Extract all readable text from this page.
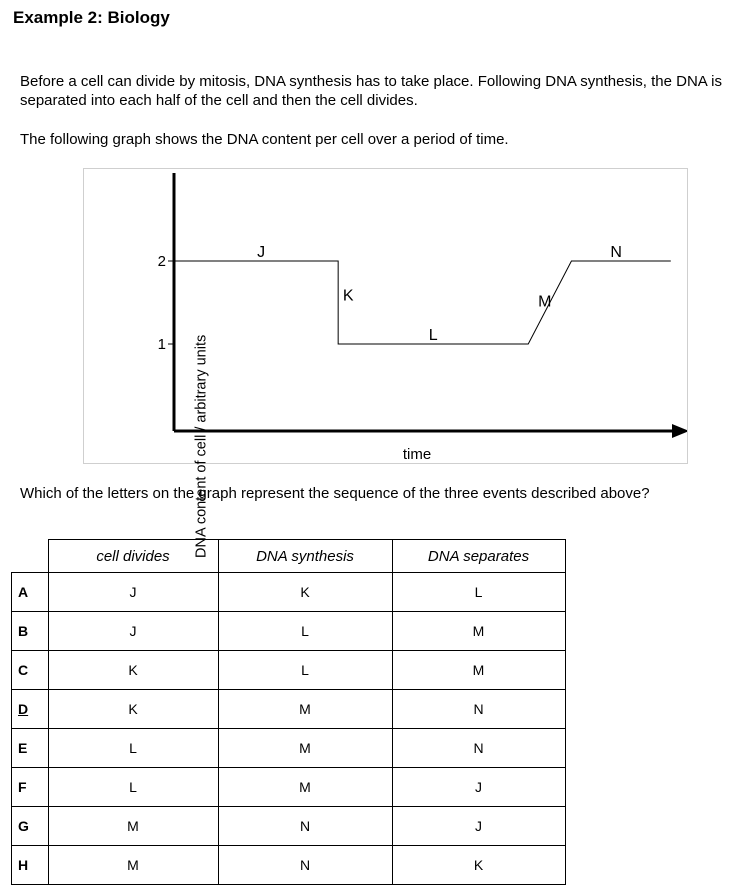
Example 2: Biology
Before a cell can divide by mitosis, DNA synthesis has to take place. Following DNA synthesis, the DNA is separated into each half of the cell and then the cell divides.
The following graph shows the DNA content per cell over a period of time.
1
2
time
J
K
L
M
N
DNA content of cell / arbitrary units
Which of the letters on the graph represent the sequence of the three events described above?
	cell divides	DNA synthesis	DNA separates
A	J	K	L
B	J	L	M
C	K	L	M
D	K	M	N
E	L	M	N
F	L	M	J
G	M	N	J
H	M	N	K
